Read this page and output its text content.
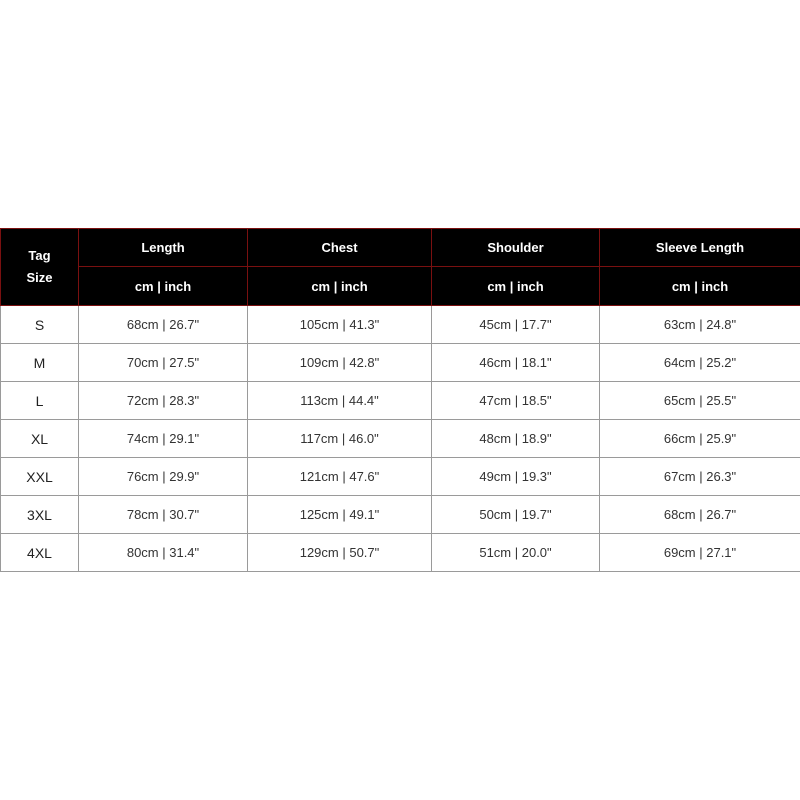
Tag
Size	Length	Chest	Shoulder	Sleeve Length
	cm | inch	cm | inch	cm | inch	cm | inch
S	68cm | 26.7"	105cm | 41.3"	45cm | 17.7"	63cm | 24.8"
M	70cm | 27.5"	109cm | 42.8"	46cm | 18.1"	64cm | 25.2"
L	72cm | 28.3"	113cm | 44.4"	47cm | 18.5"	65cm | 25.5"
XL	74cm | 29.1"	117cm | 46.0"	48cm | 18.9"	66cm | 25.9"
XXL	76cm | 29.9"	121cm | 47.6"	49cm | 19.3"	67cm | 26.3"
3XL	78cm | 30.7"	125cm | 49.1"	50cm | 19.7"	68cm | 26.7"
4XL	80cm | 31.4"	129cm | 50.7"	51cm | 20.0"	69cm | 27.1"
